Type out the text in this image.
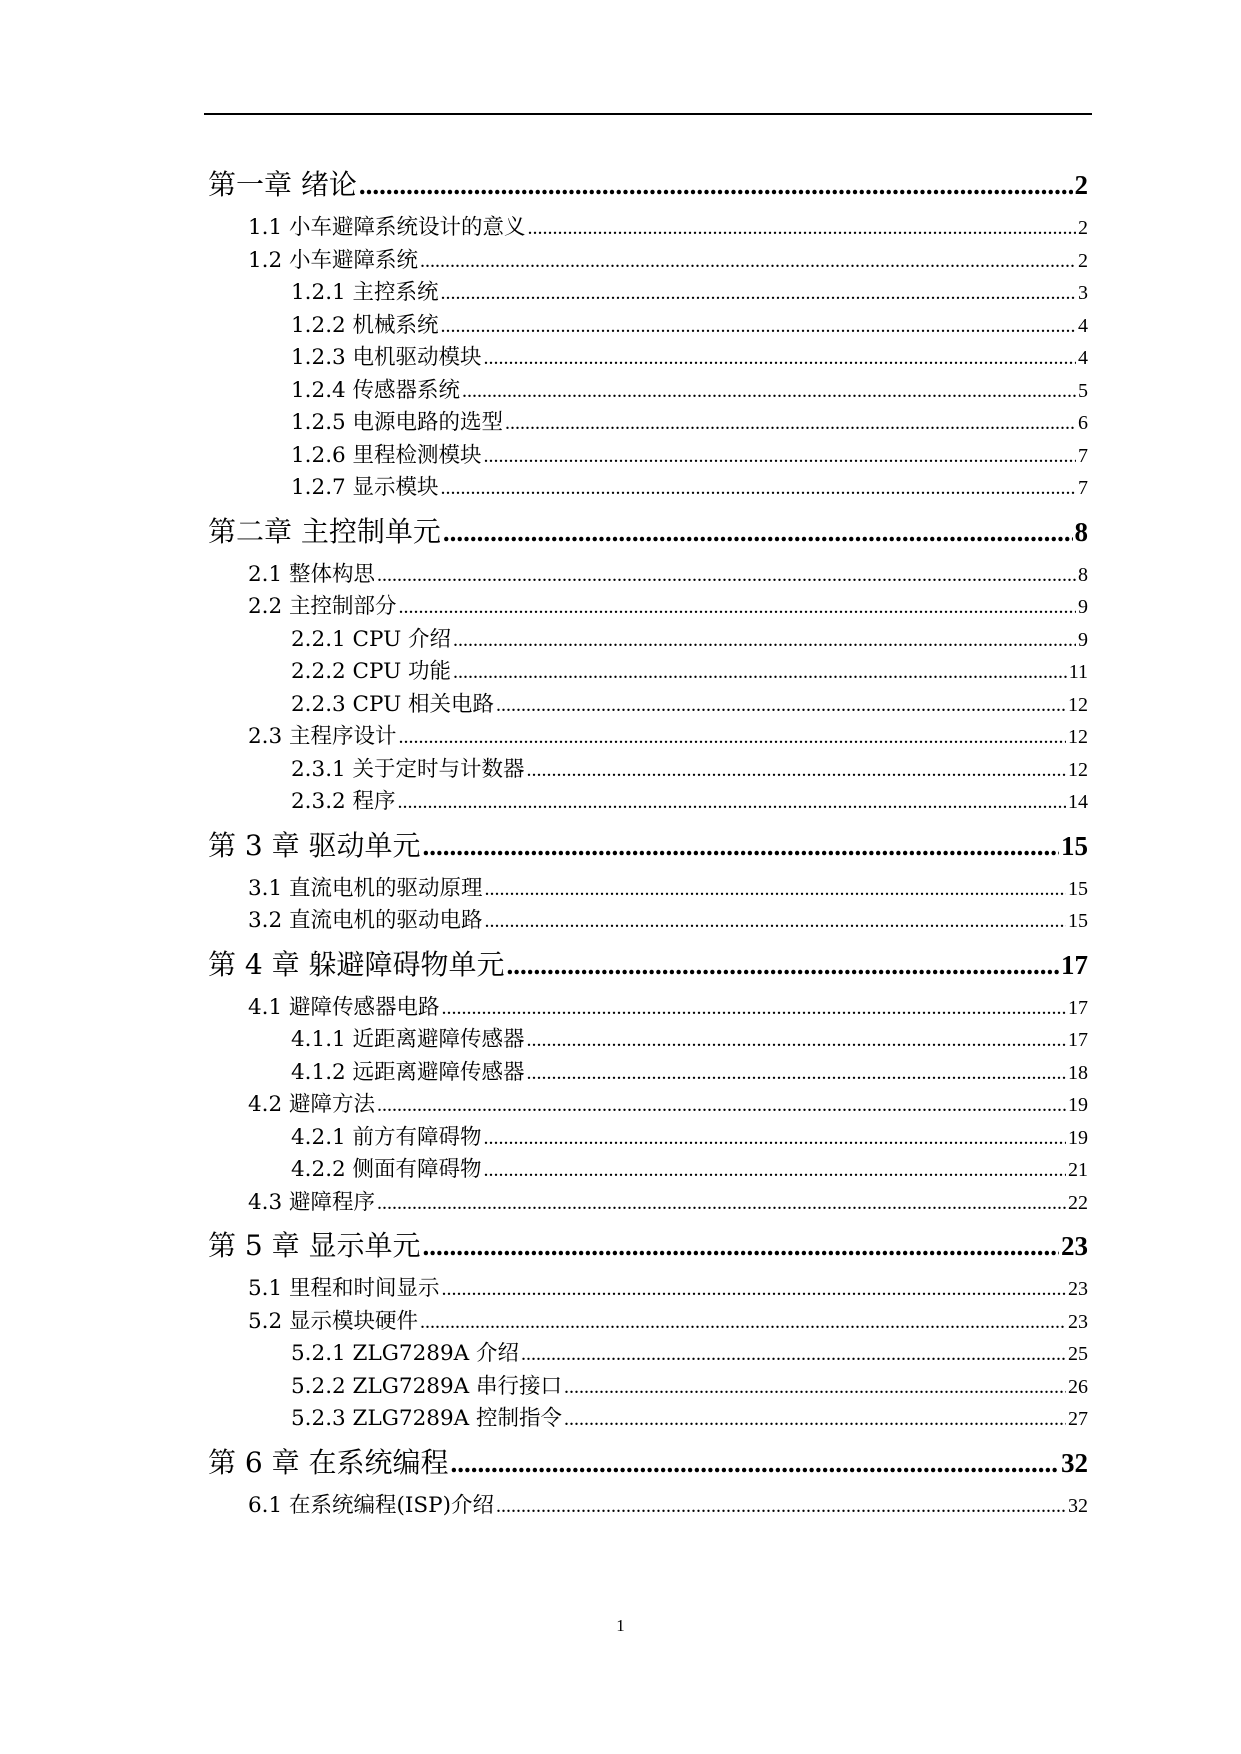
第一章 绪论 .....	2
1.1 小车避障系统设计的意义 .....	2
1.2 小车避障系统 .....	2
1.2.1 主控系统 .....	3
1.2.2 机械系统 .....	4
1.2.3 电机驱动模块 .....	4
1.2.4 传感器系统 .....	5
1.2.5 电源电路的选型 .....	6
1.2.6 里程检测模块 .....	7
1.2.7 显示模块 .....	7
第二章 主控制单元 .....	8
2.1 整体构思 .....	8
2.2 主控制部分 .....	9
2.2.1 CPU 介绍 .....	9
2.2.2 CPU 功能 .....	11
2.2.3 CPU 相关电路 .....	12
2.3 主程序设计 .....	12
2.3.1 关于定时与计数器 .....	12
2.3.2 程序 .....	14
第 3 章 驱动单元 .....	15
3.1 直流电机的驱动原理 .....	15
3.2 直流电机的驱动电路 .....	15
第 4 章 躲避障碍物单元 .....	17
4.1 避障传感器电路 .....	17
4.1.1 近距离避障传感器 .....	17
4.1.2 远距离避障传感器 .....	18
4.2 避障方法 .....	19
4.2.1 前方有障碍物 .....	19
4.2.2 侧面有障碍物 .....	21
4.3 避障程序 .....	22
第 5 章 显示单元 .....	23
5.1 里程和时间显示 .....	23
5.2 显示模块硬件 .....	23
5.2.1 ZLG7289A 介绍 .....	25
5.2.2 ZLG7289A 串行接口 .....	26
5.2.3 ZLG7289A 控制指令 .....	27
第 6 章 在系统编程 .....	32
6.1 在系统编程(ISP)介绍 .....	32
1
